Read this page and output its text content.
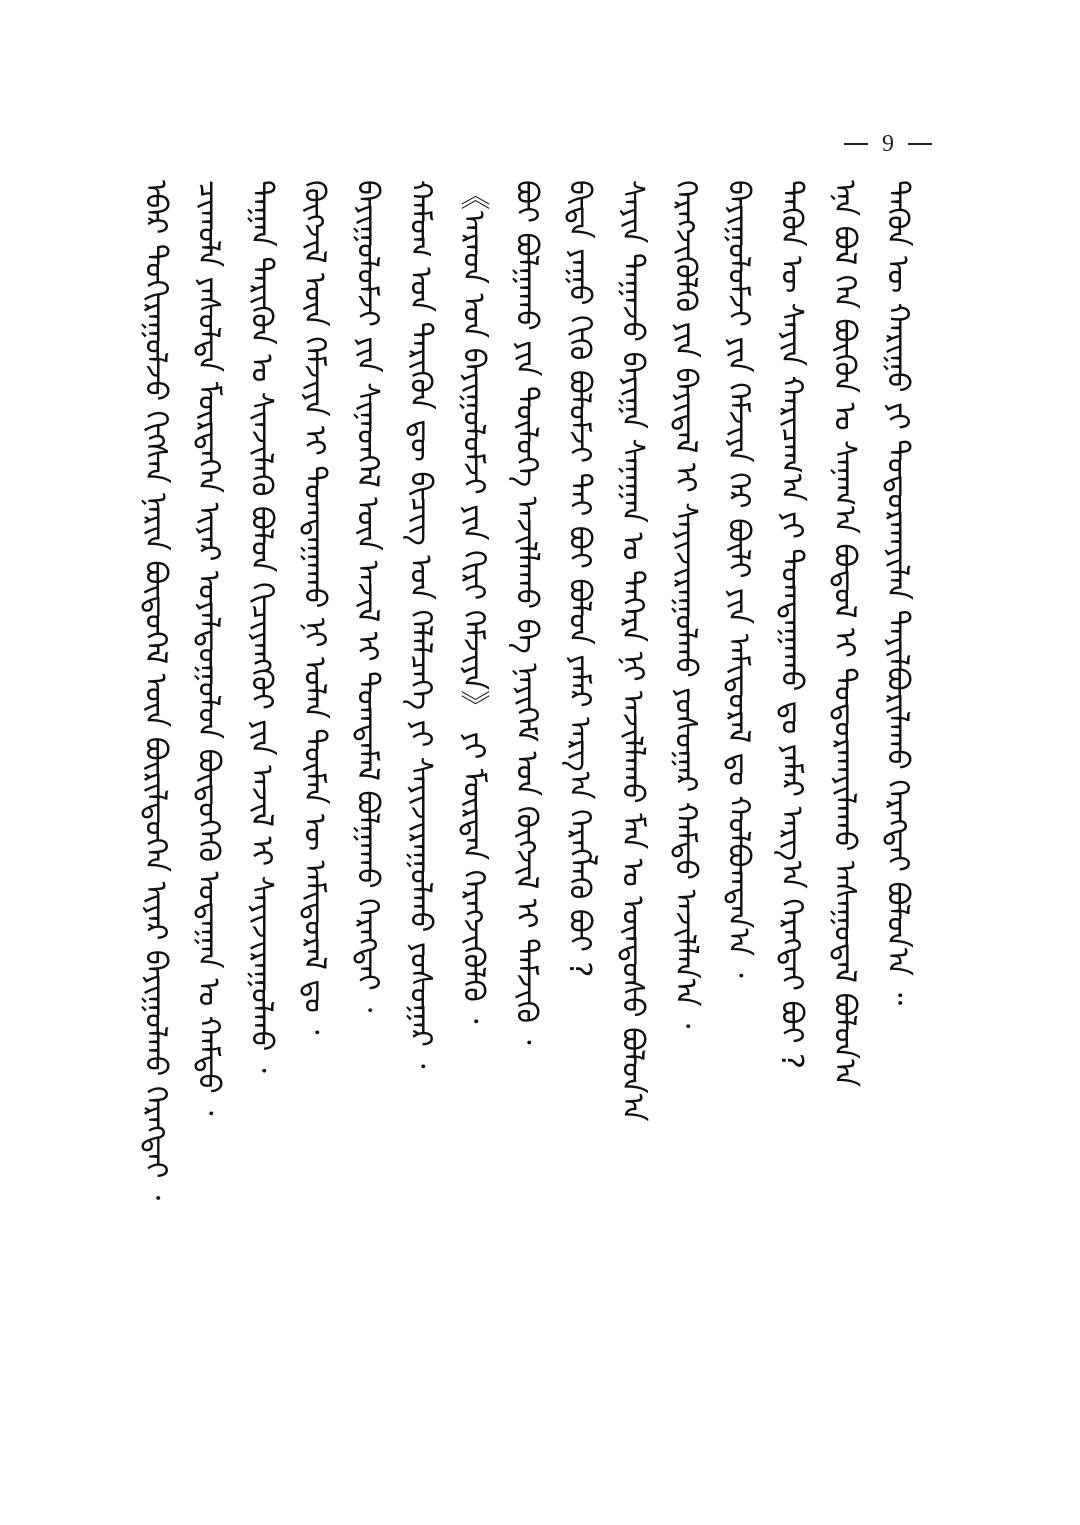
9
ᠡᠪᠡᠷ ᠲᠣᠬᠢᠷᠠᠭᠤᠯᠵᠤ ᠬᠢᠭᠰᠡᠨ ᠨᠠᠷᠢᠨ ᠪᠦᠲᠦᠭᠡᠯ ᠦᠨ ᠪᠦᠷᠢᠯᠳᠦᠭᠡᠨ ᠢᠶᠡᠷ ᠪᠠᠶᠢᠭᠤᠯᠬᠤ ᠬᠡᠷᠡᠭᠲᠡᠢ ᠂ ᠴᠢᠬᠤᠯᠠ ᠶᠠᠰᠤᠯᠳᠠ ᠮᠥᠷᠲᠡᠭᠡᠨ ᠢᠶᠡᠷ ᠤᠶᠠᠯᠳᠤᠭᠤᠯᠤᠨ ᠪᠦᠲᠦᠭᠡᠬᠦ ᠤᠳᠠᠭᠠᠨ ᠤ ᠬᠠᠮᠲᠤ ᠂ ᠳᠠᠭᠠᠨ ᠲᠡᠷᠢᠭᠦᠨ ᠤ ᠰᠢᠨᠵᠢᠯᠡᠬᠦ ᠪᠣᠯᠤᠨ ᠬᠢᠴᠢᠶᠡᠩᠭᠦᠢ ᠶᠢᠨ ᠠᠵᠢᠯ ᠢ ᠰᠠᠶᠢᠵᠢᠷᠠᠭᠤᠯᠬᠤ ᠂ ᠬᠥᠭᠵᠢᠯ ᠦᠨ ᠬᠡᠮᠵᠢᠶᠡ ᠢ ᠲᠣᠭᠲᠠᠭᠠᠬᠤ ᠨᠢ ᠣᠯᠠᠨ ᠲᠦᠮᠡᠨ ᠦ ᠠᠮᠢᠳᠤᠷᠠᠯ ᠳᠤ ᠂ ᠪᠠᠶᠢᠭᠤᠯᠤᠮᠵᠢ ᠶᠢᠨ ᠰᠢᠨᠡᠳᠭᠡᠯ ᠦᠨ ᠠᠵᠢᠯ ᠢ ᠲᠣᠭᠲᠠᠮᠠᠯ ᠪᠣᠯᠭᠠᠬᠤ ᠬᠡᠷᠡᠭᠲᠡᠢ ᠂ ᠬᠠᠮᠤᠭ ᠤᠨ ᠲᠡᠷᠢᠭᠦᠨ ᠳᠦ ᠪᠢᠴᠢᠭ ᠤᠨ ᠬᠡᠯᠡᠯᠴᠡᠭᠡ ᠶᠢ ᠰᠠᠶᠢᠵᠢᠷᠠᠭᠤᠯᠬᠤ ᠶᠤᠰᠤᠭᠠᠷ ᠂ 《ᠠᠷᠠᠳ ᠤᠨ ᠪᠠᠶᠢᠭᠤᠯᠤᠮᠵᠢ ᠶᠢᠨ ᠬᠢᠷᠢ ᠬᠡᠮᠵᠢᠶᠡ》 ᠶᠢ ᠮᠥᠷᠳᠡᠨ ᠬᠡᠷᠡᠭᠵᠢᠭᠦᠯᠬᠦ ᠂ ᠪᠤᠢ ᠪᠣᠯᠭᠠᠬᠤ ᠶᠢᠨ ᠲᠥᠯᠦᠭᠡ ᠠᠵᠢᠯᠯᠠᠬᠤ ᠪᠠ ᠨᠡᠶᠢᠭᠡᠮ ᠤᠨ ᠬᠥᠭᠵᠢᠯ ᠢ ᠳᠡᠮᠵᠢᠬᠦ ᠂ ᠪᠢᠳᠡ ᠶᠠᠭᠤ ᠬᠢᠬᠦ ᠪᠣᠯᠣᠮᠵᠢ ᠲᠠᠢ ᠪᠤᠢ ᠪᠣᠯᠣᠨ ᠶᠠᠮᠠᠷ ᠠᠷᠭ᠎ᠠ ᠬᠡᠷᠡᠭᠯᠡᠬᠦ ᠪᠤᠢ ? ᠰᠠᠶᠢᠨ ᠳᠠᠭᠠᠵᠤ ᠪᠠᠶᠢᠭᠠ ᠰᠠᠨᠠᠭᠠᠨ ᠤ ᠳᠡᠭᠡᠷᠡ ᠨᠢ ᠠᠵᠢᠯᠯᠠᠬᠤ ᠮᠠᠨ ᠤ ᠦᠨᠳᠦᠰᠦ ᠪᠣᠯᠤᠨ᠎ᠠ ᠬᠡᠷᠡᠭᠵᠢᠭᠦᠯᠬᠦ ᠶᠢᠨ ᠪᠠᠶᠢᠳᠠᠯ ᠢ ᠰᠠᠶᠢᠵᠢᠷᠠᠭᠤᠯᠬᠤ ᠶᠤᠰᠤᠭᠠᠷ ᠬᠠᠮᠲᠤ ᠠᠵᠢᠯᠯᠠᠨ᠎ᠠ ᠂ ᠪᠠᠶᠢᠭᠤᠯᠤᠮᠵᠢ ᠶᠢᠨ ᠬᠡᠮᠵᠢᠶᠡ ᠭᠡᠷ ᠪᠦᠯᠢ ᠶᠢᠨ ᠠᠮᠢᠳᠤᠷᠠᠯ ᠳᠤ ᠬᠣᠯᠪᠣᠭᠳᠠᠨ᠎ᠠ ᠂ ᠲᠡᠭᠦᠨ ᠦ ᠰᠠᠶᠢᠨ ᠬᠠᠷᠢᠴᠠᠭ᠎ᠠ ᠶᠢ ᠲᠣᠭᠲᠠᠭᠠᠬᠤ ᠳᠤ ᠶᠠᠮᠠᠷ ᠠᠷᠭ᠎ᠠ ᠬᠡᠷᠡᠭᠲᠡᠢ ᠪᠤᠢ ? ᠡᠨᠡ ᠪᠣᠯ ᠬᠡᠨ ᠪᠦᠬᠦᠨ ᠤ ᠰᠠᠨᠠᠭ᠎ᠠ ᠪᠣᠳᠣᠯ ᠢ ᠲᠣᠳᠣᠷᠬᠠᠶᠢᠯᠠᠬᠤ ᠠᠰᠠᠭᠤᠳᠠᠯ ᠪᠣᠯᠤᠨ᠎ᠠ ᠲᠡᠭᠦᠨ ᠦ ᠬᠠᠷᠢᠭᠤ ᠶᠢ ᠲᠣᠳᠣᠷᠬᠠᠶᠢᠯᠠᠨ ᠲᠠᠶᠢᠯᠪᠤᠷᠢᠯᠠᠬᠤ ᠬᠡᠷᠡᠭᠲᠡᠢ ᠪᠣᠯᠤᠨ᠎ᠠ ᠃
